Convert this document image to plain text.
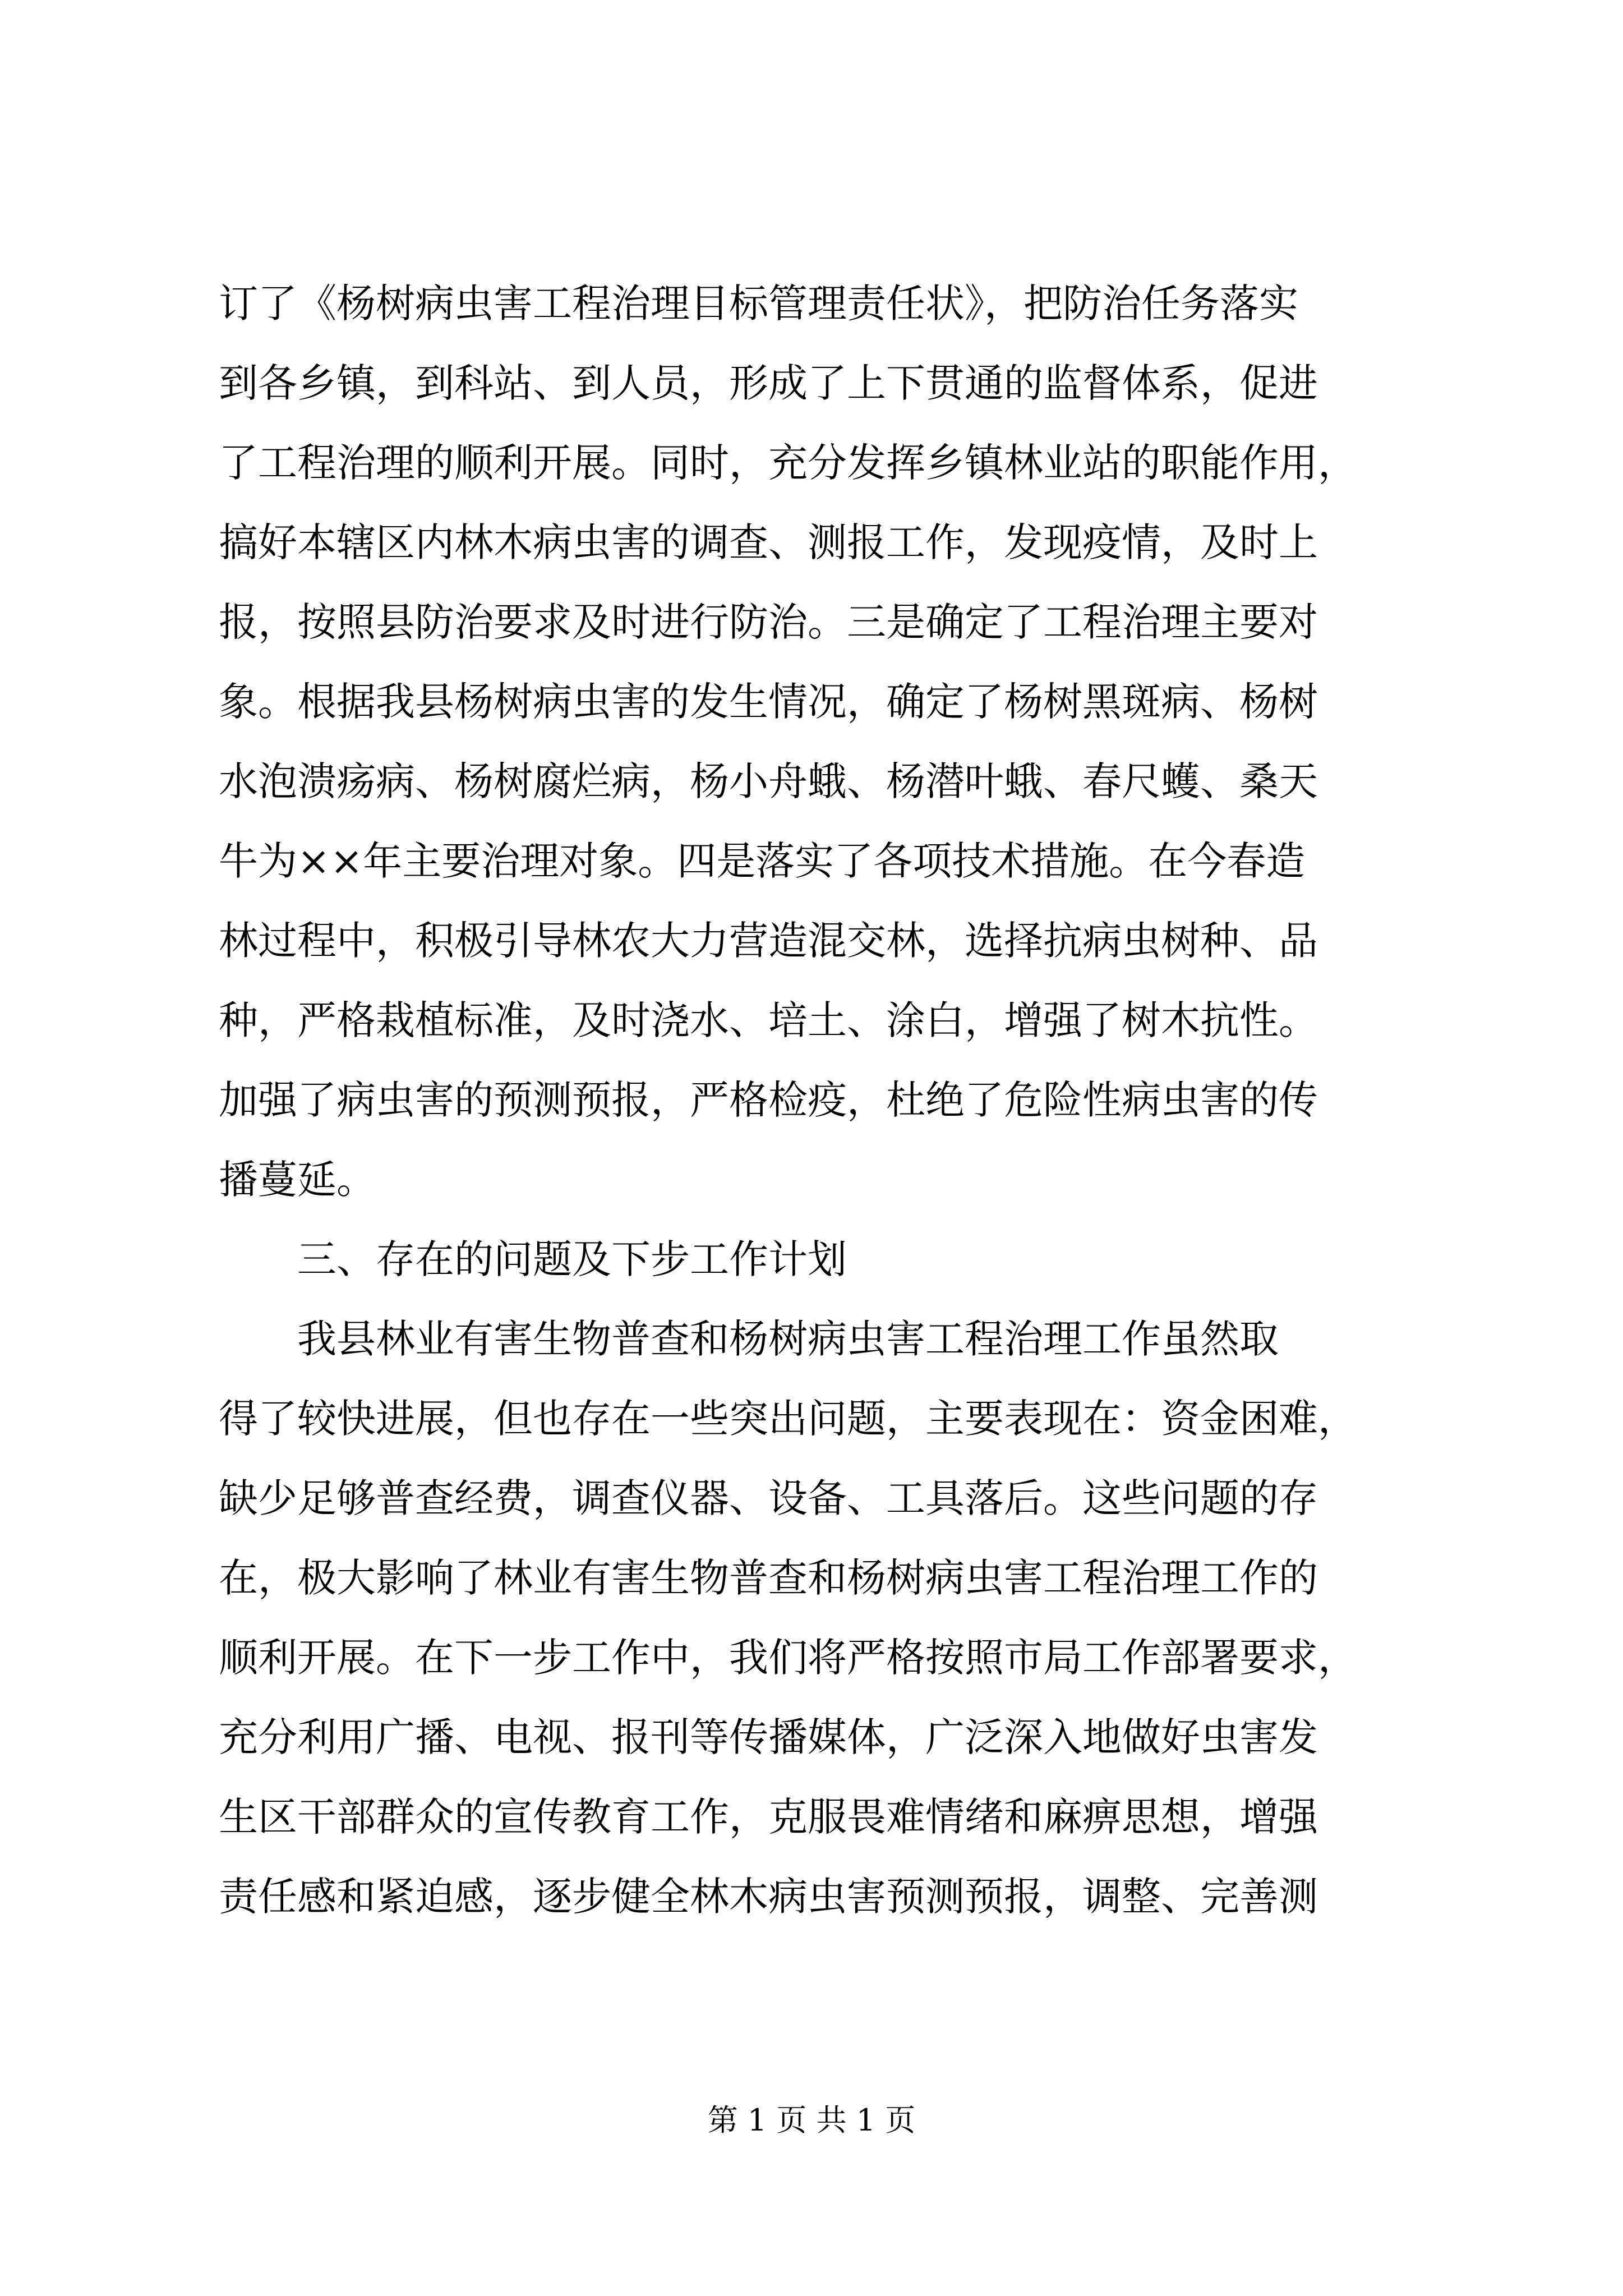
订了《杨树病虫害工程治理目标管理责任状》，把防治任务落实
到各乡镇，到科站、到人员，形成了上下贯通的监督体系，促进
了工程治理的顺利开展。同时，充分发挥乡镇林业站的职能作用，
搞好本辖区内林木病虫害的调查、测报工作，发现疫情，及时上
报，按照县防治要求及时进行防治。三是确定了工程治理主要对
象。根据我县杨树病虫害的发生情况，确定了杨树黑斑病、杨树
水泡溃疡病、杨树腐烂病，杨小舟蛾、杨潜叶蛾、春尺蠖、桑天
牛为××年主要治理对象。四是落实了各项技术措施。在今春造
林过程中，积极引导林农大力营造混交林，选择抗病虫树种、品
种，严格栽植标准，及时浇水、培土、涂白，增强了树木抗性。
加强了病虫害的预测预报，严格检疫，杜绝了危险性病虫害的传
播蔓延。
三、存在的问题及下步工作计划
我县林业有害生物普查和杨树病虫害工程治理工作虽然取
得了较快进展，但也存在一些突出问题，主要表现在：资金困难，
缺少足够普查经费，调查仪器、设备、工具落后。这些问题的存
在，极大影响了林业有害生物普查和杨树病虫害工程治理工作的
顺利开展。在下一步工作中，我们将严格按照市局工作部署要求，
充分利用广播、电视、报刊等传播媒体，广泛深入地做好虫害发
生区干部群众的宣传教育工作，克服畏难情绪和麻痹思想，增强
责任感和紧迫感，逐步健全林木病虫害预测预报，调整、完善测
第 1 页 共 1 页
